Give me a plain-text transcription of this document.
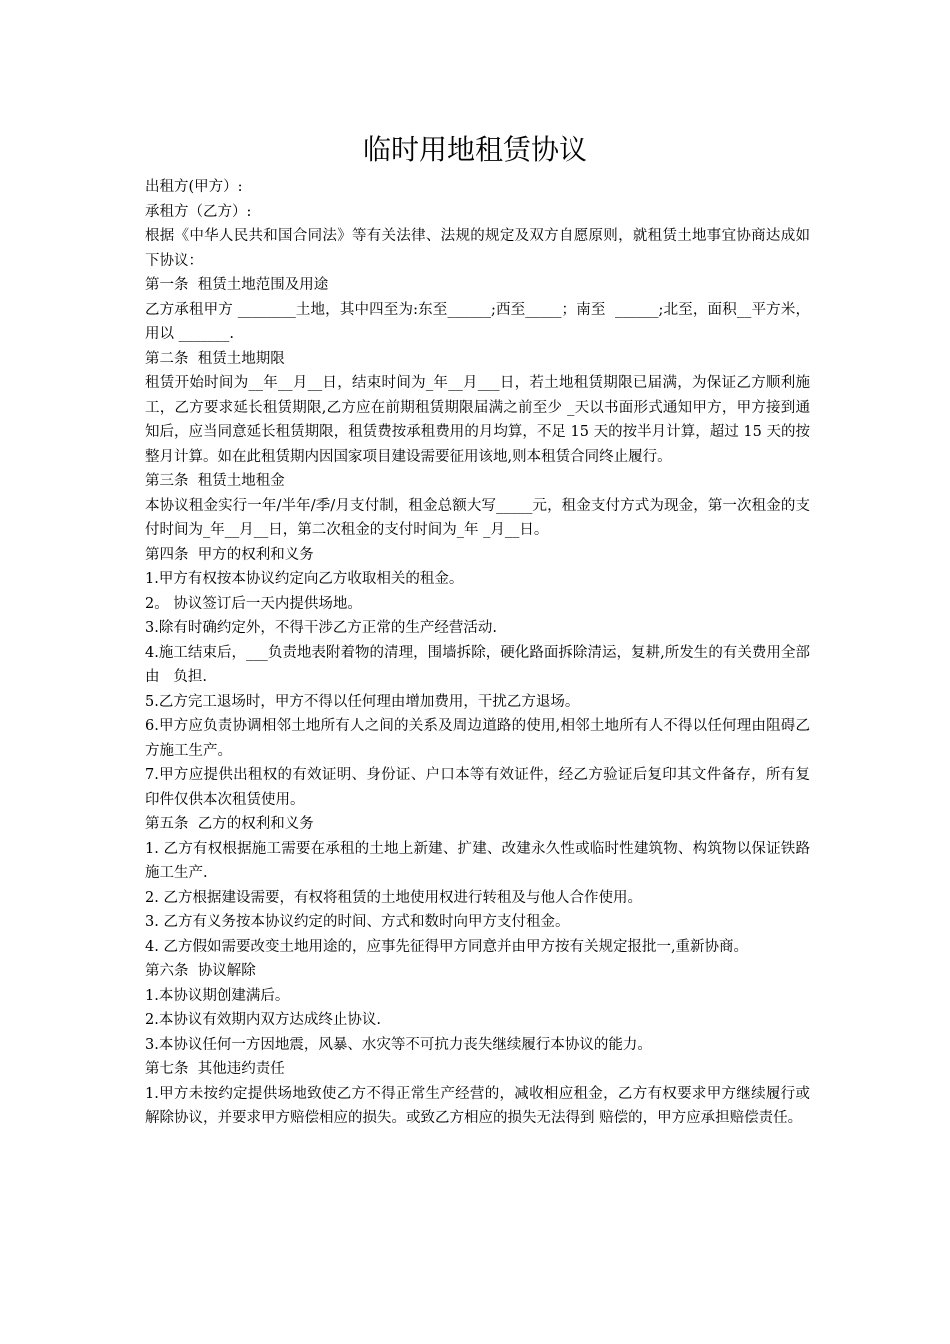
临时用地租赁协议

出租方(甲方）:

承租方（乙方）:

根据《中华人民共和国合同法》等有关法律、法规的规定及双方自愿原则，就租赁土地事宜协商达成如下协议：

第一条  租赁土地范围及用途

乙方承租甲方 ________土地，其中四至为:东至______;西至_____；南至  ______;北至，面积__平方米，用以 _______.

第二条  租赁土地期限

租赁开始时间为__年__月__日，结束时间为_年__月___日，若土地租赁期限已届满，为保证乙方顺利施工，乙方要求延长租赁期限,乙方应在前期租赁期限届满之前至少 _天以书面形式通知甲方，甲方接到通知后，应当同意延长租赁期限，租赁费按承租费用的月均算，不足 15 天的按半月计算，超过 15 天的按整月计算。如在此租赁期内因国家项目建设需要征用该地,则本租赁合同终止履行。

第三条  租赁土地租金

本协议租金实行一年/半年/季/月支付制，租金总额大写_____元，租金支付方式为现金，第一次租金的支付时间为_年__月__日，第二次租金的支付时间为_年 _月__日。

第四条  甲方的权利和义务

1.甲方有权按本协议约定向乙方收取相关的租金。

2。 协议签订后一天内提供场地。

3.除有时确约定外，不得干涉乙方正常的生产经营活动.

4.施工结束后，___负责地表附着物的清理，围墙拆除，硬化路面拆除清运，复耕,所发生的有关费用全部由   负担.

5.乙方完工退场时，甲方不得以任何理由增加费用，干扰乙方退场。

6.甲方应负责协调相邻土地所有人之间的关系及周边道路的使用,相邻土地所有人不得以任何理由阻碍乙方施工生产。

7.甲方应提供出租权的有效证明、身份证、户口本等有效证件，经乙方验证后复印其文件备存，所有复印件仅供本次租赁使用。

第五条  乙方的权利和义务

1. 乙方有权根据施工需要在承租的土地上新建、扩建、改建永久性或临时性建筑物、构筑物以保证铁路施工生产.

2. 乙方根据建设需要，有权将租赁的土地使用权进行转租及与他人合作使用。

3. 乙方有义务按本协议约定的时间、方式和数时向甲方支付租金。

4. 乙方假如需要改变土地用途的，应事先征得甲方同意并由甲方按有关规定报批一,重新协商。

第六条  协议解除

1.本协议期创建满后。

2.本协议有效期内双方达成终止协议.

3.本协议任何一方因地震，风暴、水灾等不可抗力丧失继续履行本协议的能力。

第七条  其他违约责任

1.甲方未按约定提供场地致使乙方不得正常生产经营的，减收相应租金，乙方有权要求甲方继续履行或解除协议，并要求甲方赔偿相应的损失。或致乙方相应的损失无法得到 赔偿的，甲方应承担赔偿责任。
